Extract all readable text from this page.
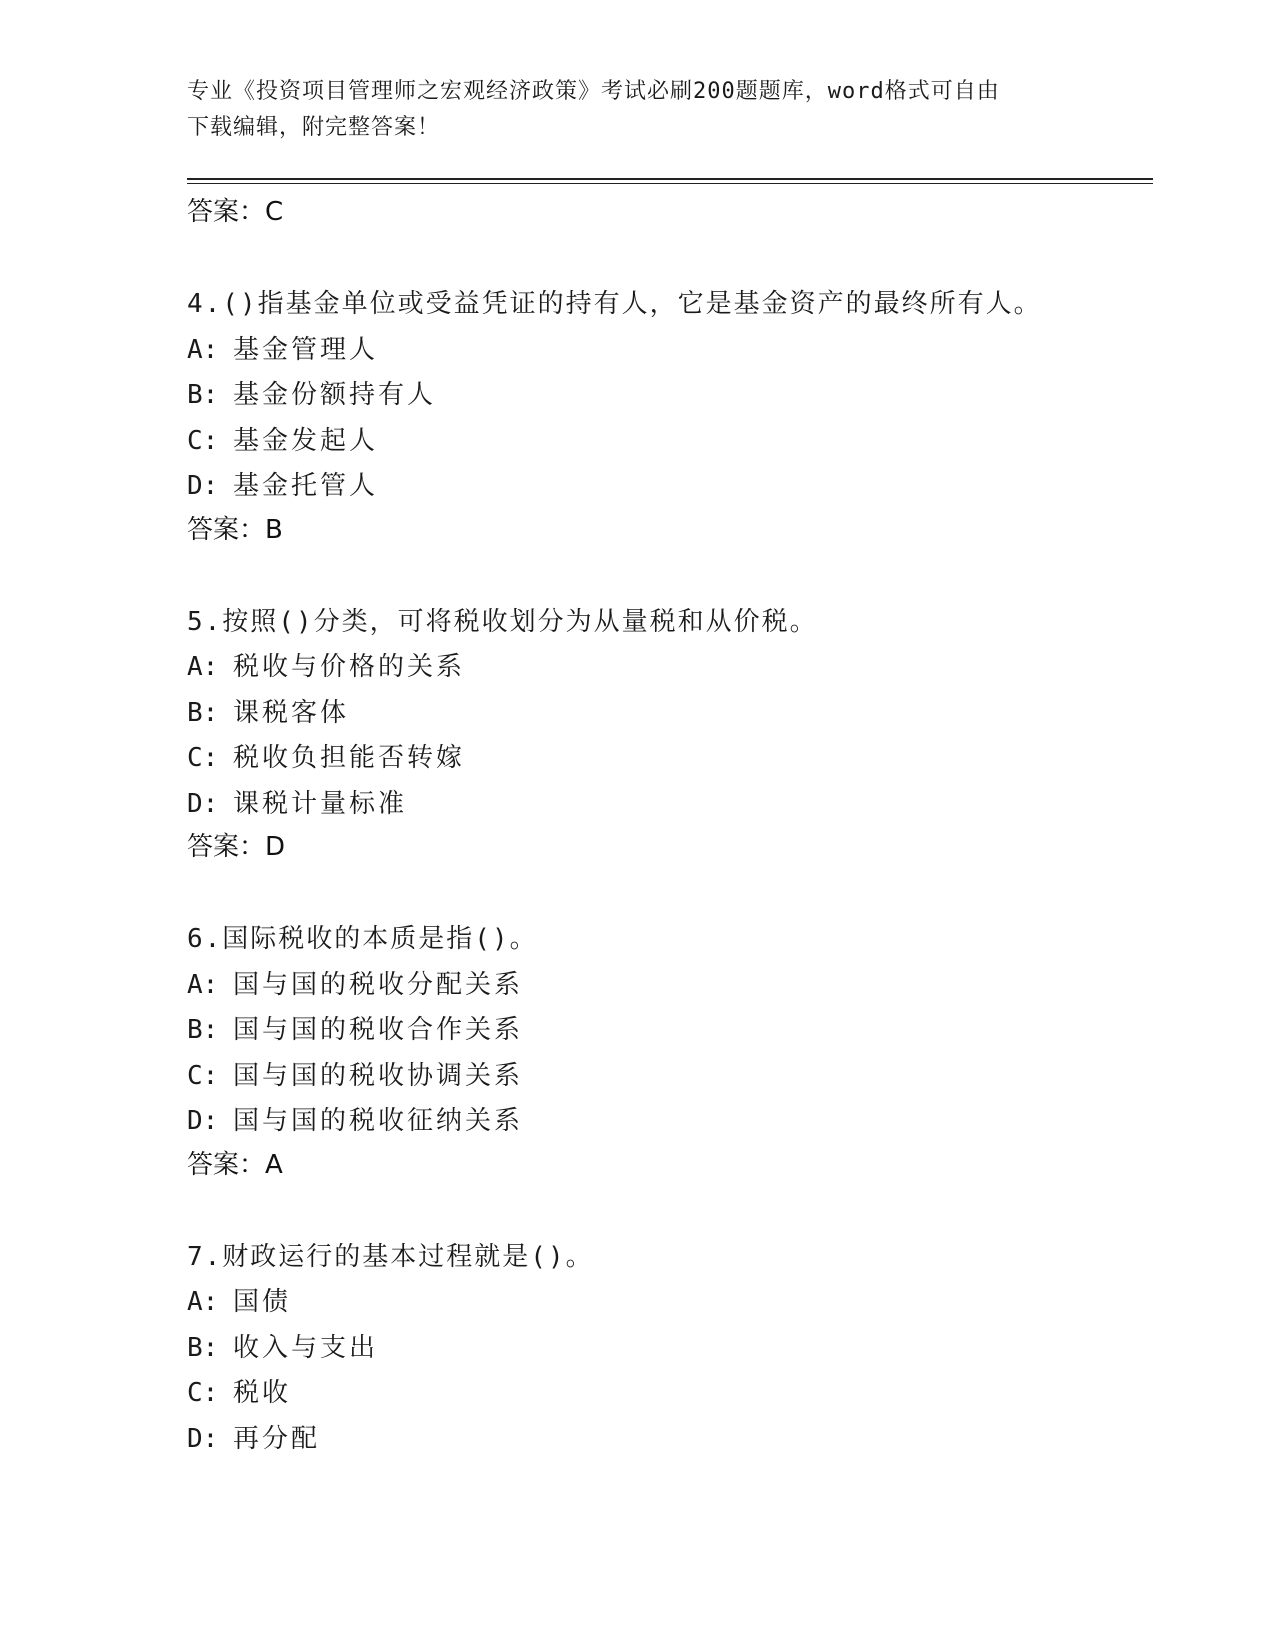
专业《投资项目管理师之宏观经济政策》考试必刷200题题库，word格式可自由
下载编辑，附完整答案！
答案：C
4.()指基金单位或受益凭证的持有人，它是基金资产的最终所有人。
A: 基金管理人
B: 基金份额持有人
C: 基金发起人
D: 基金托管人
答案：B
5.按照()分类，可将税收划分为从量税和从价税。
A: 税收与价格的关系
B: 课税客体
C: 税收负担能否转嫁
D: 课税计量标准
答案：D
6.国际税收的本质是指()。
A: 国与国的税收分配关系
B: 国与国的税收合作关系
C: 国与国的税收协调关系
D: 国与国的税收征纳关系
答案：A
7.财政运行的基本过程就是()。
A: 国债
B: 收入与支出
C: 税收
D: 再分配
